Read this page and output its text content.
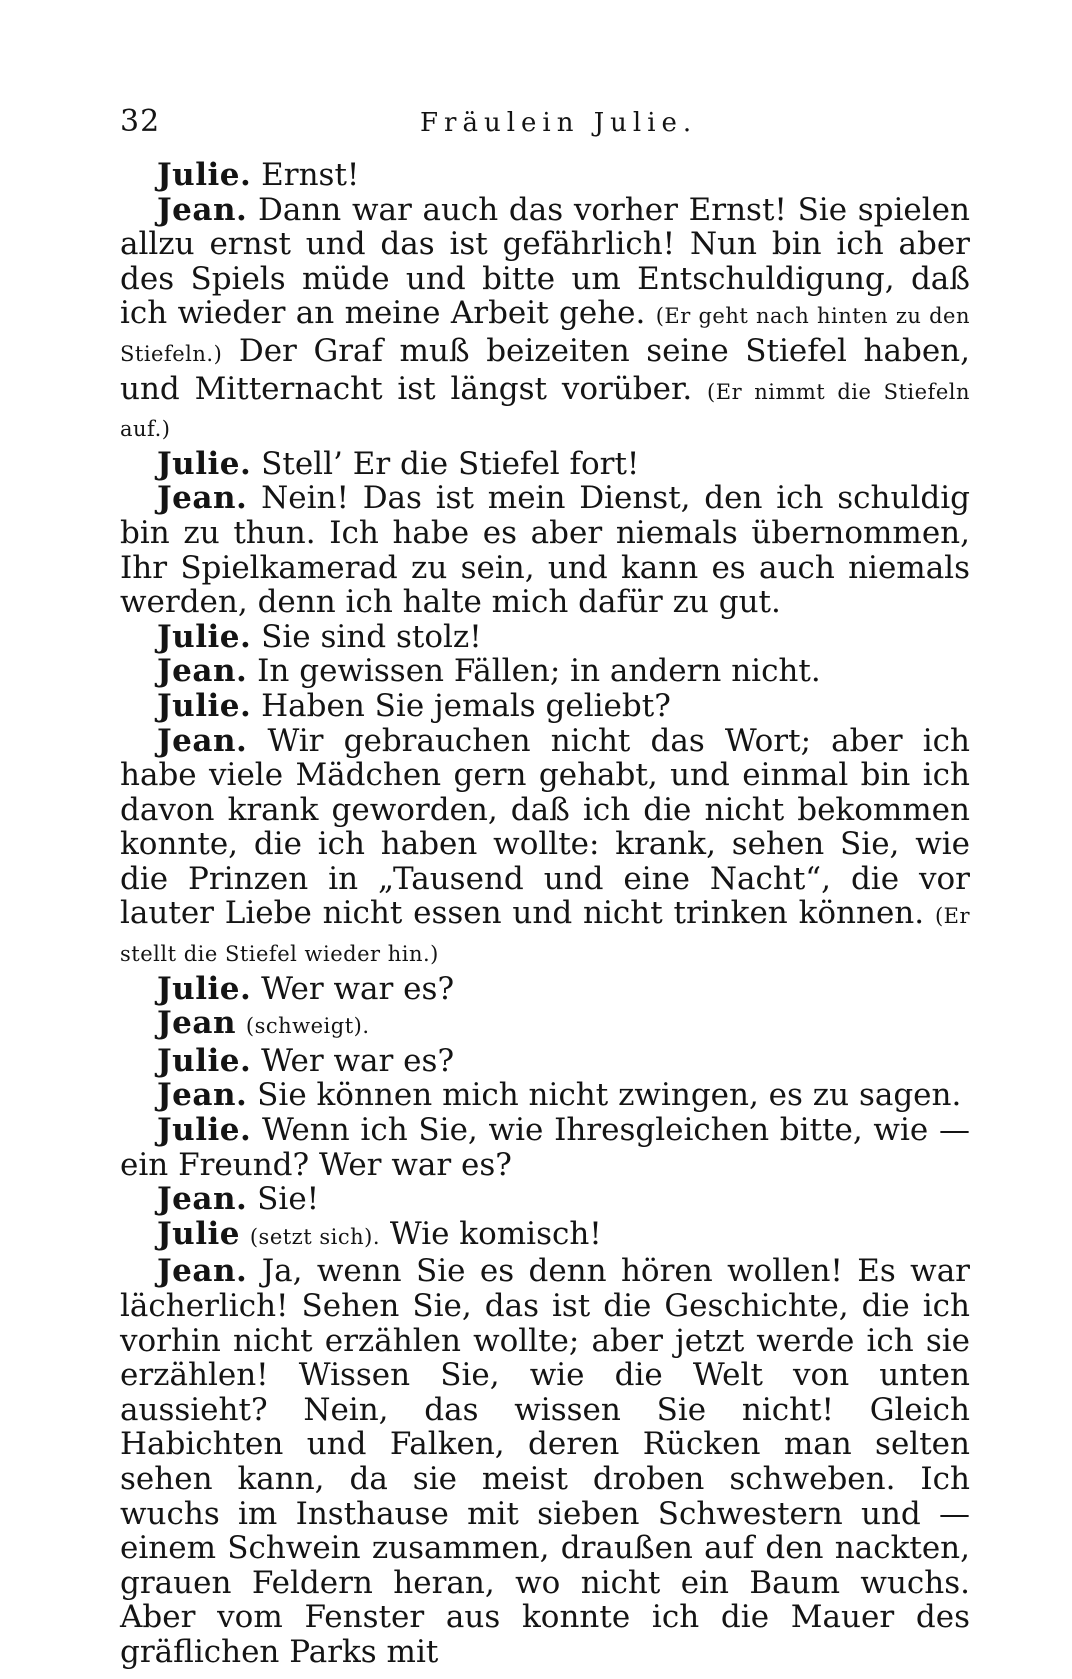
32	Fräulein Julie.

Julie. Ernst!

Jean. Dann war auch das vorher Ernst! Sie spielen allzu ernst und das ist gefährlich! Nun bin ich aber des Spiels müde und bitte um Entschuldigung, daß ich wieder an meine Arbeit gehe. (Er geht nach hinten zu den Stiefeln.) Der Graf muß beizeiten seine Stiefel haben, und Mitternacht ist längst vorüber. (Er nimmt die Stiefeln auf.)

Julie. Stell’ Er die Stiefel fort!

Jean. Nein! Das ist mein Dienst, den ich schuldig bin zu thun. Ich habe es aber niemals übernommen, Ihr Spielkamerad zu sein, und kann es auch niemals werden, denn ich halte mich dafür zu gut.

Julie. Sie sind stolz!

Jean. In gewissen Fällen; in andern nicht.

Julie. Haben Sie jemals geliebt?

Jean. Wir gebrauchen nicht das Wort; aber ich habe viele Mädchen gern gehabt, und einmal bin ich davon krank geworden, daß ich die nicht bekommen konnte, die ich haben wollte: krank, sehen Sie, wie die Prinzen in „Tausend und eine Nacht“, die vor lauter Liebe nicht essen und nicht trinken können. (Er stellt die Stiefel wieder hin.)

Julie. Wer war es?

Jean (schweigt).

Julie. Wer war es?

Jean. Sie können mich nicht zwingen, es zu sagen.

Julie. Wenn ich Sie, wie Ihresgleichen bitte, wie — ein Freund? Wer war es?

Jean. Sie!

Julie (setzt sich). Wie komisch!

Jean. Ja, wenn Sie es denn hören wollen! Es war lächerlich! Sehen Sie, das ist die Geschichte, die ich vorhin nicht erzählen wollte; aber jetzt werde ich sie erzählen! Wissen Sie, wie die Welt von unten aussieht? Nein, das wissen Sie nicht! Gleich Habichten und Falken, deren Rücken man selten sehen kann, da sie meist droben schweben. Ich wuchs im Insthause mit sieben Schwestern und — einem Schwein zusammen, draußen auf den nackten, grauen Feldern heran, wo nicht ein Baum wuchs. Aber vom Fenster aus konnte ich die Mauer des gräflichen Parks mit
